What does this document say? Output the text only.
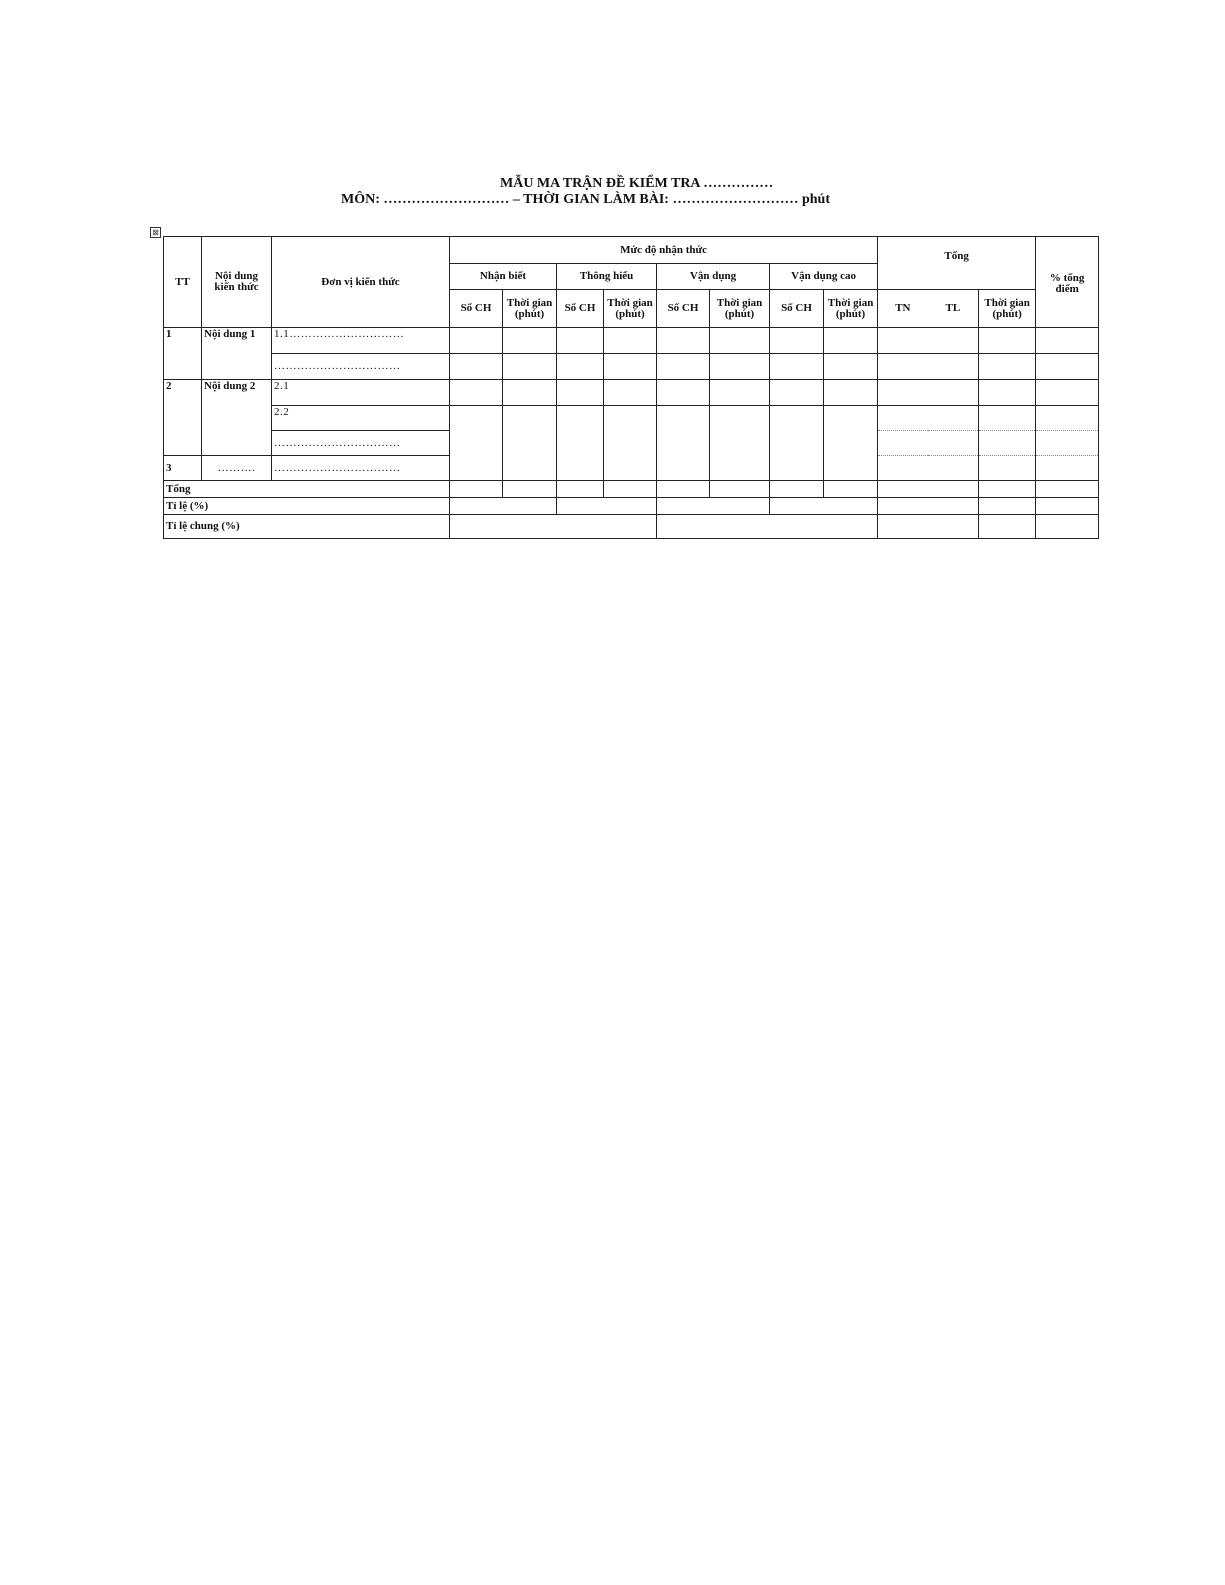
MẪU MA TRẬN ĐỀ KIỂM TRA ……………
MÔN: ……………………… – THỜI GIAN LÀM BÀI: ……………………… phút
⊠
TT	Nội dung kiến thức	Đơn vị kiến thức	Mức độ nhận thức								Tổng			% tổng điểm
			Nhận biết		Thông hiểu		Vận dụng		Vận dụng cao					
			Số CH	Thời gian (phút)	Số CH	Thời gian (phút)	Số CH	Thời gian (phút)	Số CH	Thời gian (phút)	TN	TL	Thời gian (phút)	
1	Nội dung 1	1.1…………………………												
		……………………………												
2	Nội dung 2	2.1												
		2.2												
		……………………………												
3	……….	……………………………												
Tổng														
Tỉ lệ (%)														
Tỉ lệ chung (%)														
